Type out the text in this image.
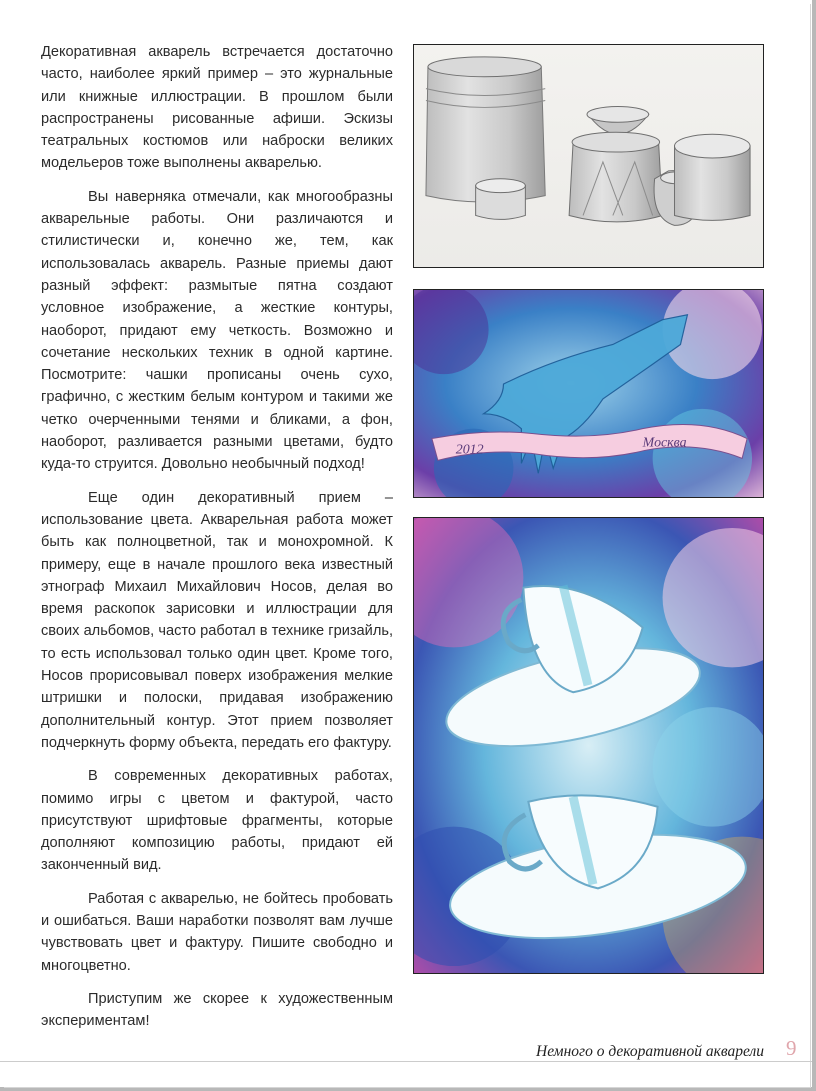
Декоративная акварель встречается достаточно часто, наиболее яркий пример – это журнальные или книжные иллюстрации. В прошлом были распространены рисованные афиши. Эскизы театральных костюмов или наброски великих модельеров тоже выполнены акварелью.

Вы наверняка отмечали, как многообразны акварельные работы. Они различаются и стилистически и, конечно же, тем, как использовалась акварель. Разные приемы дают разный эффект: размытые пятна создают условное изображение, а жесткие контуры, наоборот, придают ему четкость. Возможно и сочетание нескольких техник в одной картине. Посмотрите: чашки прописаны очень сухо, графично, с жестким белым контуром и такими же четко очерченными тенями и бликами, а фон, наоборот, разливается разными цветами, будто куда-то струится. Довольно необычный подход!

Еще один декоративный прием – использование цвета. Акварельная работа может быть как полноцветной, так и монохромной. К примеру, еще в начале прошлого века известный этнограф Михаил Михайлович Носов, делая во время раскопок зарисовки и иллюстрации для своих альбомов, часто работал в технике гризайль, то есть использовал только один цвет. Кроме того, Носов прорисовывал поверх изображения мелкие штришки и полоски, придавая изображению дополнительный контур. Этот прием позволяет подчеркнуть форму объекта, передать его фактуру.

В современных декоративных работах, помимо игры с цветом и фактурой, часто присутствуют шрифтовые фрагменты, которые дополняют композицию работы, придают ей законченный вид.

Работая с акварелью, не бойтесь пробовать и ошибаться. Ваши наработки позволят вам лучше чувствовать цвет и фактуру. Пишите свободно и многоцветно.

Приступим же скорее к художественным экспериментам!

2012	Москва
Немного о декоративной акварели 9
